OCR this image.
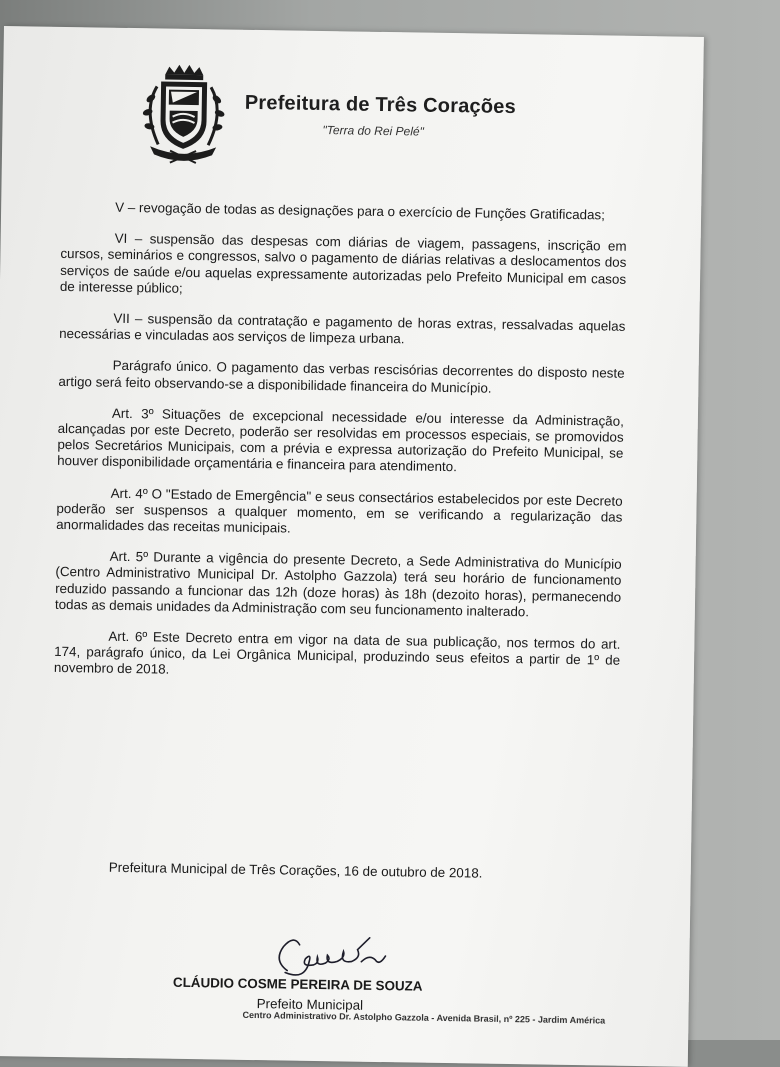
Prefeitura de Três Corações
"Terra do Rei Pelé"

V – revogação de todas as designações para o exercício de Funções Gratificadas;

VI – suspensão das despesas com diárias de viagem, passagens, inscrição em cursos, seminários e congressos, salvo o pagamento de diárias relativas a deslocamentos dos serviços de saúde e/ou aquelas expressamente autorizadas pelo Prefeito Municipal em casos de interesse público;

VII – suspensão da contratação e pagamento de horas extras, ressalvadas aquelas necessárias e vinculadas aos serviços de limpeza urbana.

Parágrafo único. O pagamento das verbas rescisórias decorrentes do disposto neste artigo será feito observando-se a disponibilidade financeira do Município.

Art. 3º Situações de excepcional necessidade e/ou interesse da Administração, alcançadas por este Decreto, poderão ser resolvidas em processos especiais, se promovidos pelos Secretários Municipais, com a prévia e expressa autorização do Prefeito Municipal, se houver disponibilidade orçamentária e financeira para atendimento.

Art. 4º O "Estado de Emergência" e seus consectários estabelecidos por este Decreto poderão ser suspensos a qualquer momento, em se verificando a regularização das anormalidades das receitas municipais.

Art. 5º Durante a vigência do presente Decreto, a Sede Administrativa do Município (Centro Administrativo Municipal Dr. Astolpho Gazzola) terá seu horário de funcionamento reduzido passando a funcionar das 12h (doze horas) às 18h (dezoito horas), permanecendo todas as demais unidades da Administração com seu funcionamento inalterado.

Art. 6º Este Decreto entra em vigor na data de sua publicação, nos termos do art. 174, parágrafo único, da Lei Orgânica Municipal, produzindo seus efeitos a partir de 1º de novembro de 2018.

Prefeitura Municipal de Três Corações, 16 de outubro de 2018.
CLÁUDIO COSME PEREIRA DE SOUZA
Prefeito Municipal
Centro Administrativo Dr. Astolpho Gazzola - Avenida Brasil, nº 225 - Jardim América
